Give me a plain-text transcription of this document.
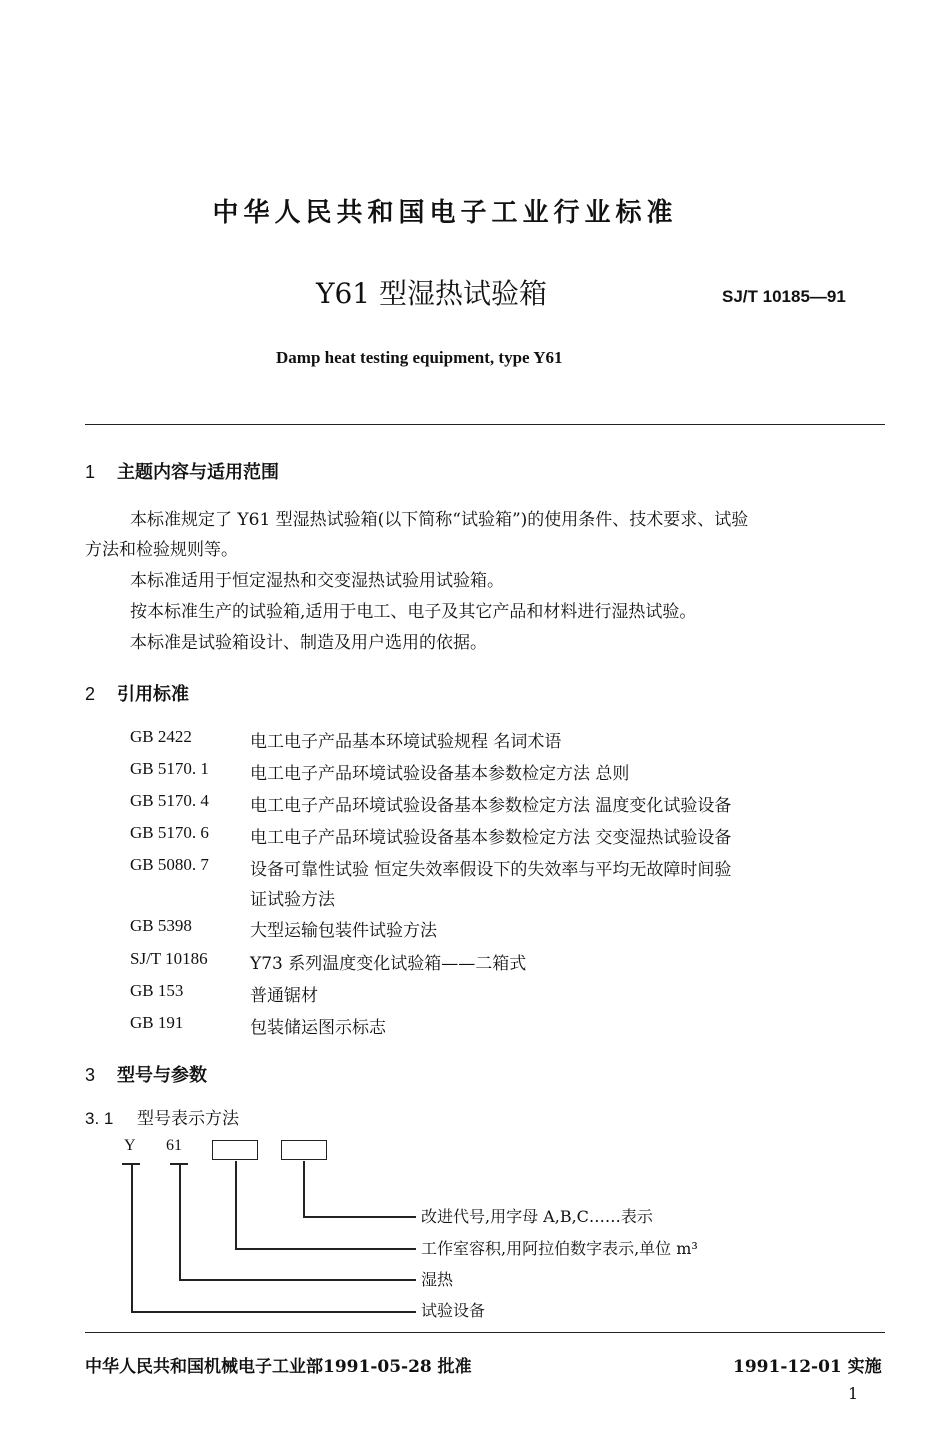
中华人民共和国电子工业行业标准
Y61 型湿热试验箱	SJ/T 10185—91
Damp heat testing equipment, type Y61
1 主题内容与适用范围
本标准规定了 Y61 型湿热试验箱(以下简称“试验箱”)的使用条件、技术要求、试验
方法和检验规则等。
本标准适用于恒定湿热和交变湿热试验用试验箱。
按本标准生产的试验箱,适用于电工、电子及其它产品和材料进行湿热试验。
本标准是试验箱设计、制造及用户选用的依据。
2 引用标准
GB 2422	电工电子产品基本环境试验规程 名词术语
GB 5170. 1 电工电子产品环境试验设备基本参数检定方法 总则
GB 5170. 4 电工电子产品环境试验设备基本参数检定方法 温度变化试验设备
GB 5170. 6 电工电子产品环境试验设备基本参数检定方法 交变湿热试验设备
GB 5080. 7 设备可靠性试验 恒定失效率假设下的失效率与平均无故障时间验
证试验方法
GB 5398	大型运输包装件试验方法
SJ/T 10186 Y73 系列温度变化试验箱——二箱式
GB 153	普通锯材
GB 191	包装储运图示标志
3 型号与参数
3. 1 型号表示方法
Y 61
改进代号,用字母 A,B,C……表示
工作室容积,用阿拉伯数字表示,单位 m³
湿热
试验设备
中华人民共和国机械电子工业部1991-05-28 批准	1991-12-01 实施
1
